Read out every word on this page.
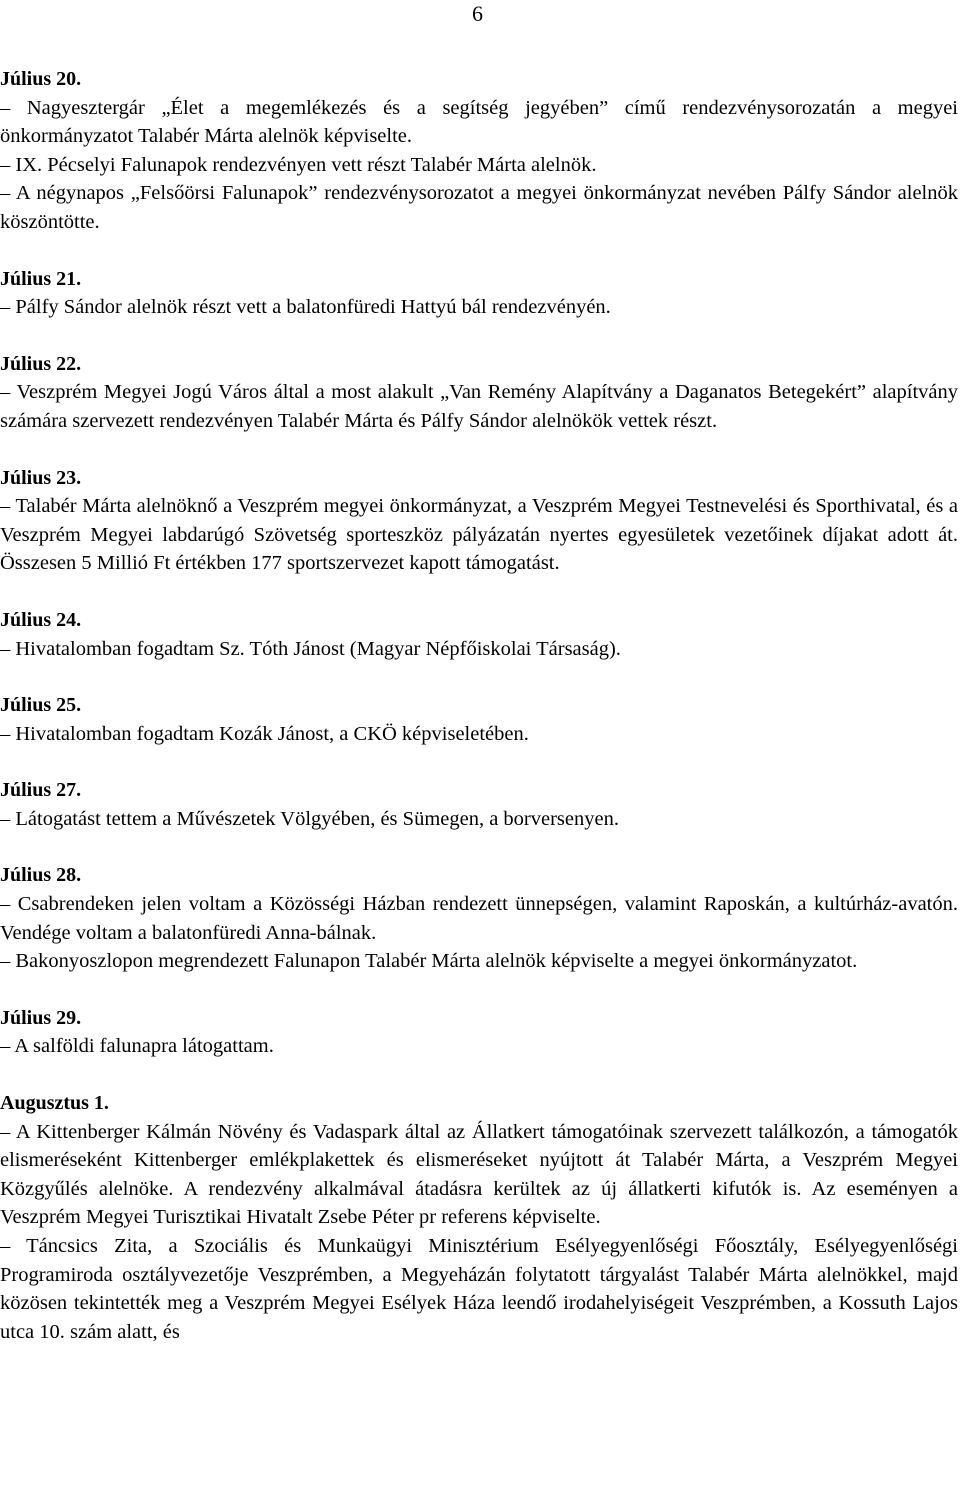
6
Július 20.

– Nagyesztergár „Élet a megemlékezés és a segítség jegyében” című rendezvénysorozatán a megyei önkormányzatot Talabér Márta alelnök képviselte.

– IX. Pécselyi Falunapok rendezvényen vett részt Talabér Márta alelnök.

– A négynapos „Felsőörsi Falunapok” rendezvénysorozatot a megyei önkormányzat nevében Pálfy Sándor alelnök köszöntötte.

Július 21.

– Pálfy Sándor alelnök részt vett a balatonfüredi Hattyú bál rendezvényén.

Július 22.

– Veszprém Megyei Jogú Város által a most alakult „Van Remény Alapítvány a Daganatos Betegekért” alapítvány számára szervezett rendezvényen Talabér Márta és Pálfy Sándor alelnökök vettek részt.

Július 23.

– Talabér Márta alelnöknő a Veszprém megyei önkormányzat, a Veszprém Megyei Testnevelési és Sporthivatal, és a Veszprém Megyei labdarúgó Szövetség sporteszköz pályázatán nyertes egyesületek vezetőinek díjakat adott át. Összesen 5 Millió Ft értékben 177 sportszervezet kapott támogatást.

Július 24.

– Hivatalomban fogadtam Sz. Tóth Jánost (Magyar Népfőiskolai Társaság).

Július 25.

– Hivatalomban fogadtam Kozák Jánost, a CKÖ képviseletében.

Július 27.

– Látogatást tettem a Művészetek Völgyében, és Sümegen, a borversenyen.

Július 28.

– Csabrendeken jelen voltam a Közösségi Házban rendezett ünnepségen, valamint Raposkán, a kultúrház-avatón. Vendége voltam a balatonfüredi Anna-bálnak.

– Bakonyoszlopon megrendezett Falunapon Talabér Márta alelnök képviselte a megyei önkormányzatot.

Július 29.

– A salföldi falunapra látogattam.

Augusztus 1.

– A Kittenberger Kálmán Növény és Vadaspark által az Állatkert támogatóinak szervezett találkozón, a támogatók elismeréseként Kittenberger emlékplakettek és elismeréseket nyújtott át Talabér Márta, a Veszprém Megyei Közgyűlés alelnöke. A rendezvény alkalmával átadásra kerültek az új állatkerti kifutók is. Az eseményen a Veszprém Megyei Turisztikai Hivatalt Zsebe Péter pr referens képviselte.

– Táncsics Zita, a Szociális és Munkaügyi Minisztérium Esélyegyenlőségi Főosztály, Esélyegyenlőségi Programiroda osztályvezetője Veszprémben, a Megyeházán folytatott tárgyalást Talabér Márta alelnökkel, majd közösen tekintették meg a Veszprém Megyei Esélyek Háza leendő irodahelyiségeit Veszprémben, a Kossuth Lajos utca 10. szám alatt, és
